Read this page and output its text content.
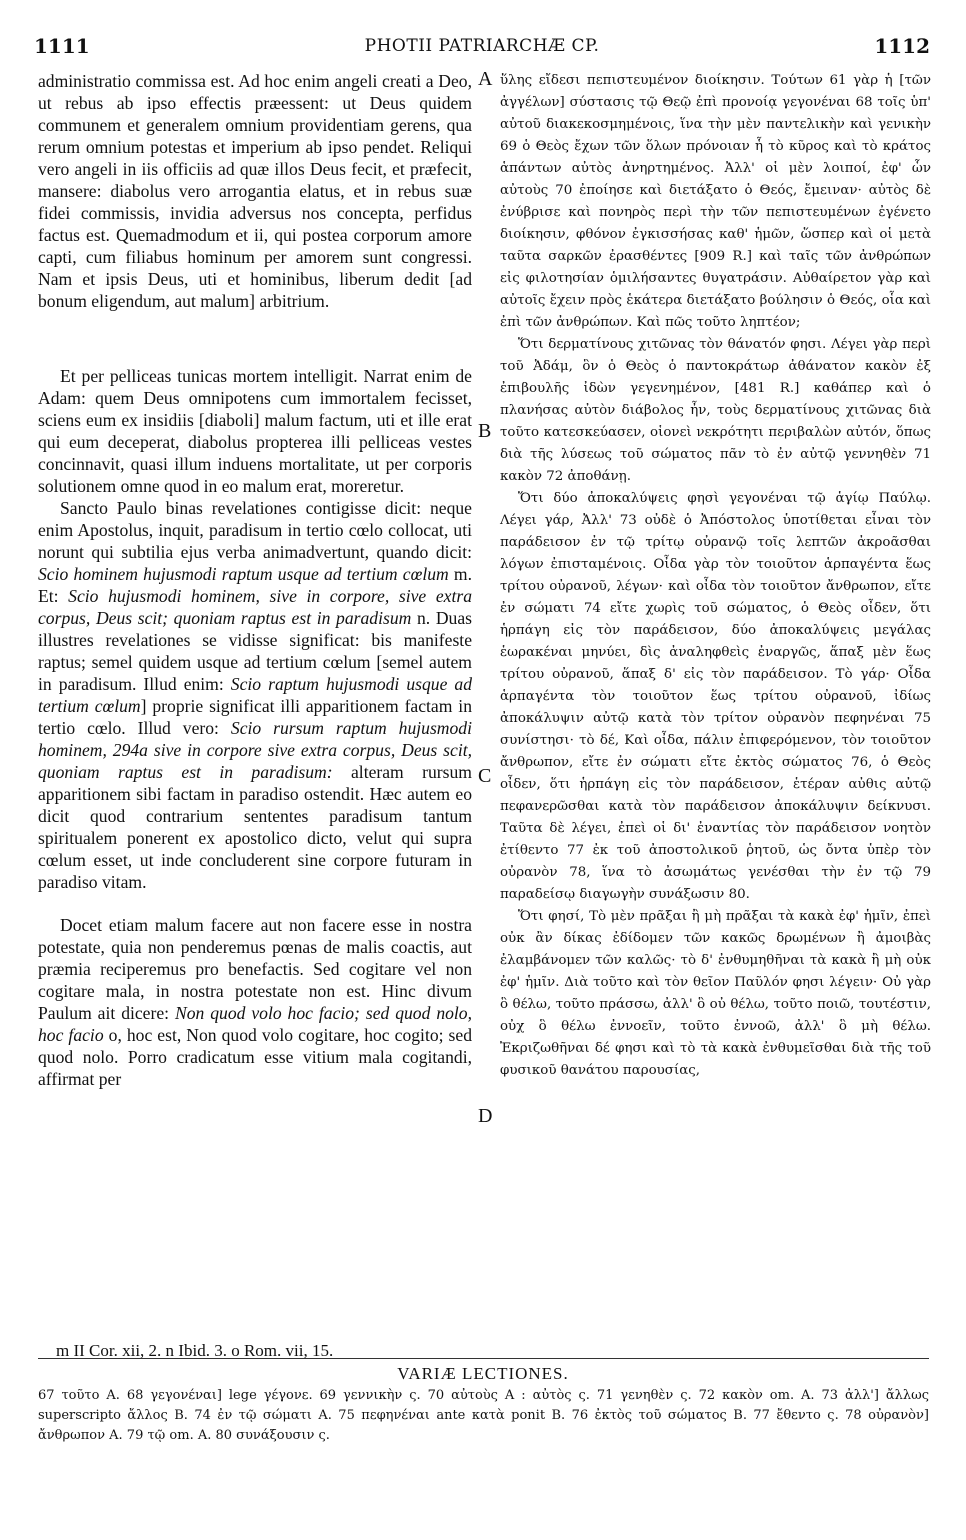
1111	PHOTII PATRIARCHÆ CP.	1112

administratio commissa est. Ad hoc enim angeli creati a Deo, ut rebus ab ipso effectis præessent: ut Deus quidem communem et generalem omnium providentiam gerens, qua rerum omnium potestas et imperium ab ipso pendet. Reliqui vero angeli in iis officiis ad quæ illos Deus fecit, et præfecit, mansere: diabolus vero arrogantia elatus, et in rebus suæ fidei commissis, invidia adversus nos concepta, perfidus factus est. Quemadmodum et ii, qui postea corporum amore capti, cum filiabus hominum per amorem sunt congressi. Nam et ipsis Deus, uti et hominibus, liberum dedit [ad bonum eligendum, aut malum] arbitrium.

Et per pelliceas tunicas mortem intelligit. Narrat enim de Adam: quem Deus omnipotens cum immortalem fecisset, sciens eum ex insidiis [diaboli] malum factum, uti et ille erat qui eum deceperat, diabolus propterea illi pelliceas vestes concinnavit, quasi illum induens mortalitate, ut per corporis solutionem omne quod in eo malum erat, moreretur.

Sancto Paulo binas revelationes contigisse dicit: neque enim Apostolus, inquit, paradisum in tertio cœlo collocat, uti norunt qui subtilia ejus verba animadvertunt, quando dicit: Scio hominem hujusmodi raptum usque ad tertium cœlum m. Et: Scio hujusmodi hominem, sive in corpore, sive extra corpus, Deus scit; quoniam raptus est in paradisum n. Duas illustres revelationes se vidisse significat: bis manifeste raptus; semel quidem usque ad tertium cœlum [semel autem in paradisum. Illud enim: Scio raptum hujusmodi usque ad tertium cœlum] proprie significat illi apparitionem factam in tertio cœlo. Illud vero: Scio rursum raptum hujusmodi hominem, 294a sive in corpore sive extra corpus, Deus scit, quoniam raptus est in paradisum: alteram rursum apparitionem sibi factam in paradiso ostendit. Hæc autem eo dicit quod contrarium sententes paradisum tantum spiritualem ponerent ex apostolico dicto, velut qui supra cœlum esset, ut inde concluderent sine corpore futuram in paradiso vitam.

Docet etiam malum facere aut non facere esse in nostra potestate, quia non penderemus pœnas de malis coactis, aut præmia reciperemus pro benefactis. Sed cogitare vel non cogitare mala, in nostra potestate non est. Hinc divum Paulum ait dicere: Non quod volo hoc facio; sed quod nolo, hoc facio o, hoc est, Non quod volo cogitare, hoc cogito; sed quod nolo. Porro cradicatum esse vitium mala cogitandi, affirmat per

A
B
C
D

ὕλης εἴδεσι πεπιστευμένον διοίκησιν. Τούτων 61 γὰρ ἡ [τῶν ἀγγέλων] σύστασις τῷ Θεῷ ἐπὶ προνοίᾳ γεγονέναι 68 τοῖς ὑπ' αὐτοῦ διακεκοσμημένοις, ἵνα τὴν μὲν παντελικὴν καὶ γενικὴν 69 ὁ Θεὸς ἔχων τῶν ὅλων πρόνοιαν ἧ τὸ κῦρος καὶ τὸ κράτος ἁπάντων αὐτὸς ἀνηρτημένος. Ἀλλ' οἱ μὲν λοιποί, ἐφ' ὧν αὐτοὺς 70 ἐποίησε καὶ διετάξατο ὁ Θεός, ἔμειναν· αὐτὸς δὲ ἐνύβρισε καὶ πονηρὸς περὶ τὴν τῶν πεπιστευμένων ἐγένετο διοίκησιν, φθόνον ἐγκισσήσας καθ' ἡμῶν, ὥσπερ καὶ οἱ μετὰ ταῦτα σαρκῶν ἐρασθέντες [909 R.] καὶ ταῖς τῶν ἀνθρώπων εἰς φιλοτησίαν ὁμιλήσαντες θυγατράσιν. Αὐθαίρετον γὰρ καὶ αὐτοῖς ἔχειν πρὸς ἑκάτερα διετάξατο βούλησιν ὁ Θεός, οἷα καὶ ἐπὶ τῶν ἀνθρώπων. Καὶ πῶς τοῦτο ληπτέον;

Ὅτι δερματίνους χιτῶνας τὸν θάνατόν φησι. Λέγει γὰρ περὶ τοῦ Ἀδάμ, ὃν ὁ Θεὸς ὁ παντοκράτωρ ἀθάνατον κακὸν ἐξ ἐπιβουλῆς ἰδὼν γεγενημένον, [481 R.] καθάπερ καὶ ὁ πλανήσας αὐτὸν διάβολος ἦν, τοὺς δερματίνους χιτῶνας διὰ τοῦτο κατεσκεύασεν, οἱονεὶ νεκρότητι περιβαλὼν αὐτόν, ὅπως διὰ τῆς λύσεως τοῦ σώματος πᾶν τὸ ἐν αὐτῷ γεννηθὲν 71 κακὸν 72 ἀποθάνῃ.

Ὅτι δύο ἀποκαλύψεις φησὶ γεγονέναι τῷ ἁγίῳ Παύλῳ. Λέγει γάρ, Ἀλλ' 73 οὐδὲ ὁ Ἀπόστολος ὑποτίθεται εἶναι τὸν παράδεισον ἐν τῷ τρίτῳ οὐρανῷ τοῖς λεπτῶν ἀκροᾶσθαι λόγων ἐπισταμένοις. Οἶδα γὰρ τὸν τοιοῦτον ἁρπαγέντα ἕως τρίτου οὐρανοῦ, λέγων· καὶ οἶδα τὸν τοιοῦτον ἄνθρωπον, εἴτε ἐν σώματι 74 εἴτε χωρὶς τοῦ σώματος, ὁ Θεὸς οἶδεν, ὅτι ἡρπάγη εἰς τὸν παράδεισον, δύο ἀποκαλύψεις μεγάλας ἑωρακέναι μηνύει, δὶς ἀναληφθεὶς ἐναργῶς, ἅπαξ μὲν ἕως τρίτου οὐρανοῦ, ἅπαξ δ' εἰς τὸν παράδεισον. Τὸ γάρ· Οἶδα ἁρπαγέντα τὸν τοιοῦτον ἕως τρίτου οὐρανοῦ, ἰδίως ἀποκάλυψιν αὐτῷ κατὰ τὸν τρίτον οὐρανὸν πεφηνέναι 75 συνίστησι· τὸ δέ, Καὶ οἶδα, πάλιν ἐπιφερόμενον, τὸν τοιοῦτον ἄνθρωπον, εἴτε ἐν σώματι εἴτε ἐκτὸς σώματος 76, ὁ Θεὸς οἶδεν, ὅτι ἡρπάγη εἰς τὸν παράδεισον, ἑτέραν αὐθις αὐτῷ πεφανερῶσθαι κατὰ τὸν παράδεισον ἀποκάλυψιν δείκνυσι. Ταῦτα δὲ λέγει, ἐπεὶ οἱ δι' ἐναντίας τὸν παράδεισον νοητὸν ἐτίθεντο 77 ἐκ τοῦ ἀποστολικοῦ ῥητοῦ, ὡς ὄντα ὑπὲρ τὸν οὐρανὸν 78, ἵνα τὸ ἀσωμάτως γενέσθαι τὴν ἐν τῷ 79 παραδείσῳ διαγωγὴν συνάξωσιν 80.

Ὅτι φησί, Τὸ μὲν πρᾶξαι ἢ μὴ πρᾶξαι τὰ κακὰ ἐφ' ἡμῖν, ἐπεὶ οὐκ ἂν δίκας ἐδίδομεν τῶν κακῶς δρωμένων ἢ ἀμοιβὰς ἐλαμβάνομεν τῶν καλῶς· τὸ δ' ἐνθυμηθῆναι τὰ κακὰ ἢ μὴ οὐκ ἐφ' ἡμῖν. Διὰ τοῦτο καὶ τὸν θεῖον Παῦλόν φησι λέγειν· Οὐ γὰρ ὃ θέλω, τοῦτο πράσσω, ἀλλ' ὃ οὐ θέλω, τοῦτο ποιῶ, τουτέστιν, οὐχ ὃ θέλω ἐννοεῖν, τοῦτο ἐννοῶ, ἀλλ' ὃ μὴ θέλω. Ἐκριζωθῆναι δέ φησι καὶ τὸ τὰ κακὰ ἐνθυμεῖσθαι διὰ τῆς τοῦ φυσικοῦ θανάτου παρουσίας,

m II Cor. xii, 2. n Ibid. 3. o Rom. vii, 15.
VARIÆ LECTIONES.
67 τοῦτο A. 68 γεγονέναι] lege γέγονε. 69 γεννικὴν ς. 70 αὐτοὺς A : αὐτὸς ς. 71 γενηθὲν ς. 72 κακὸν om. A. 73 ἀλλ'] ἄλλως superscripto ἄλλος B. 74 ἐν τῷ σώματι A. 75 πεφηνέναι ante κατὰ ponit B. 76 ἐκτὸς τοῦ σώματος B. 77 ἔθεντο ς. 78 οὐρανὸν] ἄνθρωπον A. 79 τῷ om. A. 80 συνάξουσιν ς.
